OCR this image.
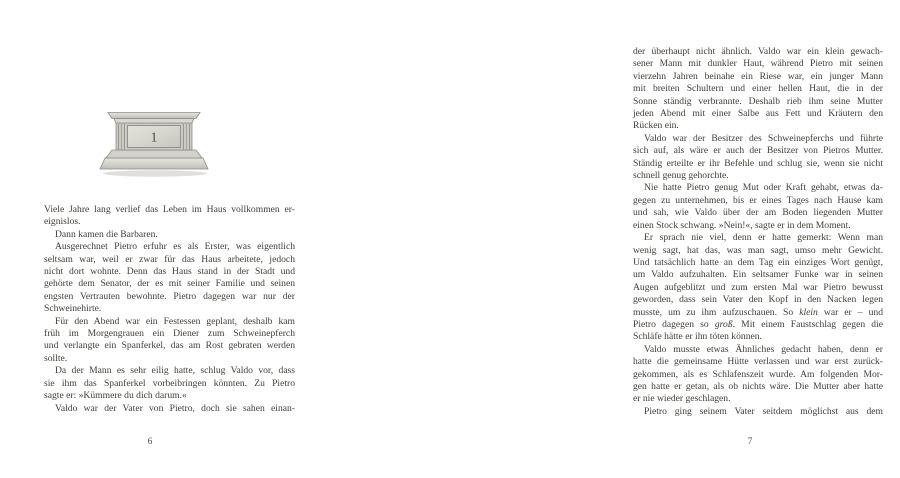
1
Viele Jahre lang verlief das Leben im Haus vollkommen er-
eignislos.
Dann kamen die Barbaren.
Ausgerechnet Pietro erfuhr es als Erster, was eigentlich
seltsam war, weil er zwar für das Haus arbeitete, jedoch
nicht dort wohnte. Denn das Haus stand in der Stadt und
gehörte dem Senator, der es mit seiner Familie und seinen
engsten Vertrauten bewohnte. Pietro dagegen war nur der
Schweinehirte.
Für den Abend war ein Festessen geplant, deshalb kam
früh im Morgengrauen ein Diener zum Schweinepferch
und verlangte ein Spanferkel, das am Rost gebraten werden
sollte.
Da der Mann es sehr eilig hatte, schlug Valdo vor, dass
sie ihm das Spanferkel vorbeibringen könnten. Zu Pietro
sagte er: »Kümmere du dich darum.«
Valdo war der Vater von Pietro, doch sie sahen einan-
6
der überhaupt nicht ähnlich. Valdo war ein klein gewach-
sener Mann mit dunkler Haut, während Pietro mit seinen
vierzehn Jahren beinahe ein Riese war, ein junger Mann
mit breiten Schultern und einer hellen Haut, die in der
Sonne ständig verbrannte. Deshalb rieb ihm seine Mutter
jeden Abend mit einer Salbe aus Fett und Kräutern den
Rücken ein.
Valdo war der Besitzer des Schweinepferchs und führte
sich auf, als wäre er auch der Besitzer von Pietros Mutter.
Ständig erteilte er ihr Befehle und schlug sie, wenn sie nicht
schnell genug gehorchte.
Nie hatte Pietro genug Mut oder Kraft gehabt, etwas da-
gegen zu unternehmen, bis er eines Tages nach Hause kam
und sah, wie Valdo über der am Boden liegenden Mutter
einen Stock schwang. »Nein!«, sagte er in dem Moment.
Er sprach nie viel, denn er hatte gemerkt: Wenn man
wenig sagt, hat das, was man sagt, umso mehr Gewicht.
Und tatsächlich hatte an dem Tag ein einziges Wort genügt,
um Valdo aufzuhalten. Ein seltsamer Funke war in seinen
Augen aufgeblitzt und zum ersten Mal war Pietro bewusst
geworden, dass sein Vater den Kopf in den Nacken legen
musste, um zu ihm aufzuschauen. So klein war er – und
Pietro dagegen so groß. Mit einem Faustschlag gegen die
Schläfe hätte er ihn töten können.
Valdo musste etwas Ähnliches gedacht haben, denn er
hatte die gemeinsame Hütte verlassen und war erst zurück-
gekommen, als es Schlafenszeit wurde. Am folgenden Mor-
gen hatte er getan, als ob nichts wäre. Die Mutter aber hatte
er nie wieder geschlagen.
Pietro ging seinem Vater seitdem möglichst aus dem
7
